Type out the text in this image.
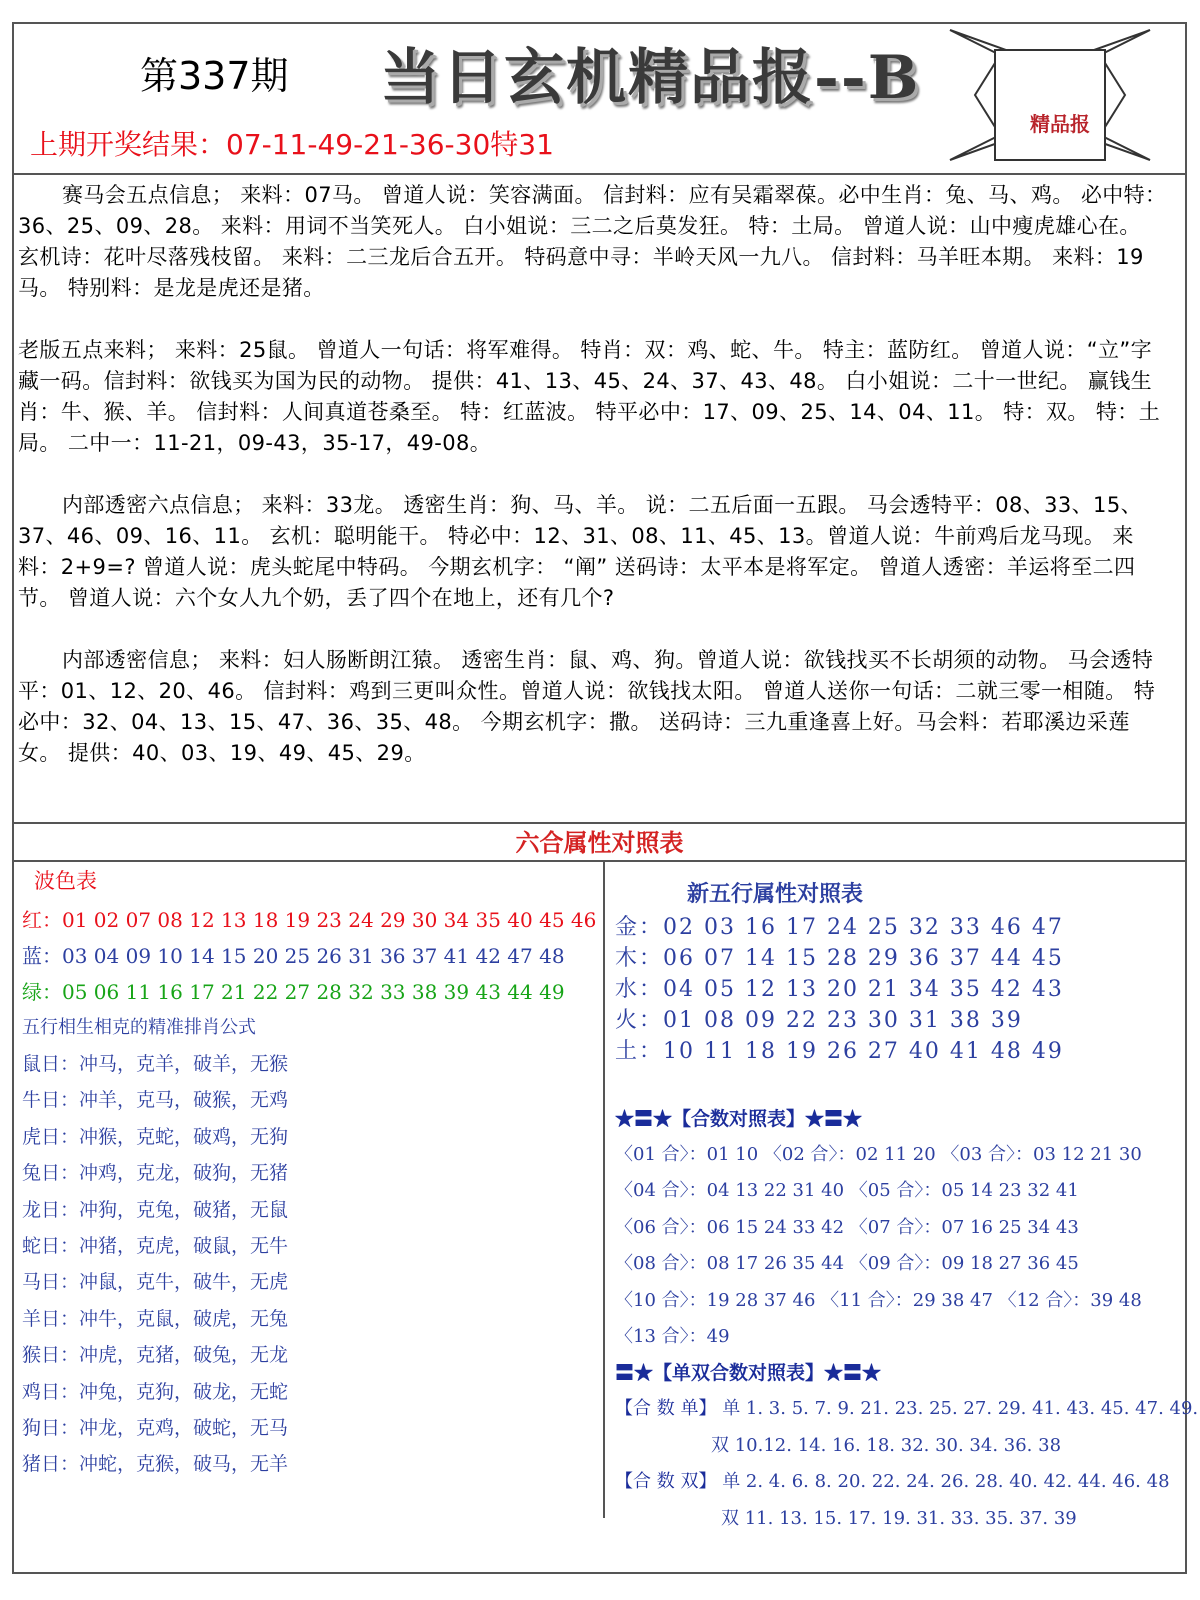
第337期 当日玄机精品报--B
精品报
上期开奖结果：07-11-49-21-36-30特31

赛马会五点信息； 来料：07马。 曾道人说：笑容满面。 信封料：应有吴霜翠葆。必中生肖：兔、马、鸡。 必中特：36、25、09、28。 来料：用词不当笑死人。 白小姐说：三二之后莫发狂。 特：土局。 曾道人说：山中瘦虎雄心在。 玄机诗：花叶尽落残枝留。 来料：二三龙后合五开。 特码意中寻：半岭天风一九八。 信封料：马羊旺本期。 来料：19马。 特别料：是龙是虎还是猪。

老版五点来料； 来料：25鼠。 曾道人一句话：将军难得。 特肖：双：鸡、蛇、牛。 特主：蓝防红。 曾道人说：“立”字藏一码。信封料：欲钱买为国为民的动物。 提供：41、13、45、24、37、43、48。 白小姐说：二十一世纪。 赢钱生肖：牛、猴、羊。 信封料：人间真道苍桑至。 特：红蓝波。 特平必中：17、09、25、14、04、11。 特：双。 特：土局。 二中一：11-21，09-43，35-17，49-08。

内部透密六点信息； 来料：33龙。 透密生肖：狗、马、羊。 说：二五后面一五跟。 马会透特平：08、33、15、37、46、09、16、11。 玄机：聪明能干。 特必中：12、31、08、11、45、13。曾道人说：牛前鸡后龙马现。 来料：2+9=? 曾道人说：虎头蛇尾中特码。 今期玄机字： “阐” 送码诗：太平本是将军定。 曾道人透密：羊运将至二四节。 曾道人说：六个女人九个奶，丢了四个在地上，还有几个?

内部透密信息； 来料：妇人肠断朗江猿。 透密生肖：鼠、鸡、狗。曾道人说：欲钱找买不长胡须的动物。 马会透特平：01、12、20、46。 信封料：鸡到三更叫众性。曾道人说：欲钱找太阳。 曾道人送你一句话：二就三零一相随。 特必中：32、04、13、15、47、36、35、48。 今期玄机字：撒。 送码诗：三九重逢喜上好。马会料：若耶溪边采莲女。 提供：40、03、19、49、45、29。

六合属性对照表
波色表
红：01 02 07 08 12 13 18 19 23 24 29 30 34 35 40 45 46
蓝：03 04 09 10 14 15 20 25 26 31 36 37 41 42 47 48
绿：05 06 11 16 17 21 22 27 28 32 33 38 39 43 44 49
五行相生相克的精准排肖公式
鼠日：冲马，克羊，破羊，无猴
牛日：冲羊，克马，破猴，无鸡
虎日：冲猴，克蛇，破鸡，无狗
兔日：冲鸡，克龙，破狗，无猪
龙日：冲狗，克兔，破猪，无鼠
蛇日：冲猪，克虎，破鼠，无牛
马日：冲鼠，克牛，破牛，无虎
羊日：冲牛，克鼠，破虎，无兔
猴日：冲虎，克猪，破兔，无龙
鸡日：冲兔，克狗，破龙，无蛇
狗日：冲龙，克鸡，破蛇，无马
猪日：冲蛇，克猴，破马，无羊
新五行属性对照表
金：02 03 16 17 24 25 32 33 46 47
木：06 07 14 15 28 29 36 37 44 45
水：04 05 12 13 20 21 34 35 42 43
火：01 08 09 22 23 30 31 38 39
土：10 11 18 19 26 27 40 41 48 49
★〓★【合数对照表】★〓★
〈01 合〉：01 10 〈02 合〉：02 11 20 〈03 合〉：03 12 21 30
〈04 合〉：04 13 22 31 40 〈05 合〉：05 14 23 32 41
〈06 合〉：06 15 24 33 42 〈07 合〉：07 16 25 34 43
〈08 合〉：08 17 26 35 44 〈09 合〉：09 18 27 36 45
〈10 合〉：19 28 37 46 〈11 合〉：29 38 47 〈12 合〉：39 48
〈13 合〉：49
〓★【单双合数对照表】★〓★
【合 数 单】 单 1. 3. 5. 7. 9. 21. 23. 25. 27. 29. 41. 43. 45. 47. 49.
双 10.12. 14. 16. 18. 32. 30. 34. 36. 38
【合 数 双】 单 2. 4. 6. 8. 20. 22. 24. 26. 28. 40. 42. 44. 46. 48
双 11. 13. 15. 17. 19. 31. 33. 35. 37. 39
